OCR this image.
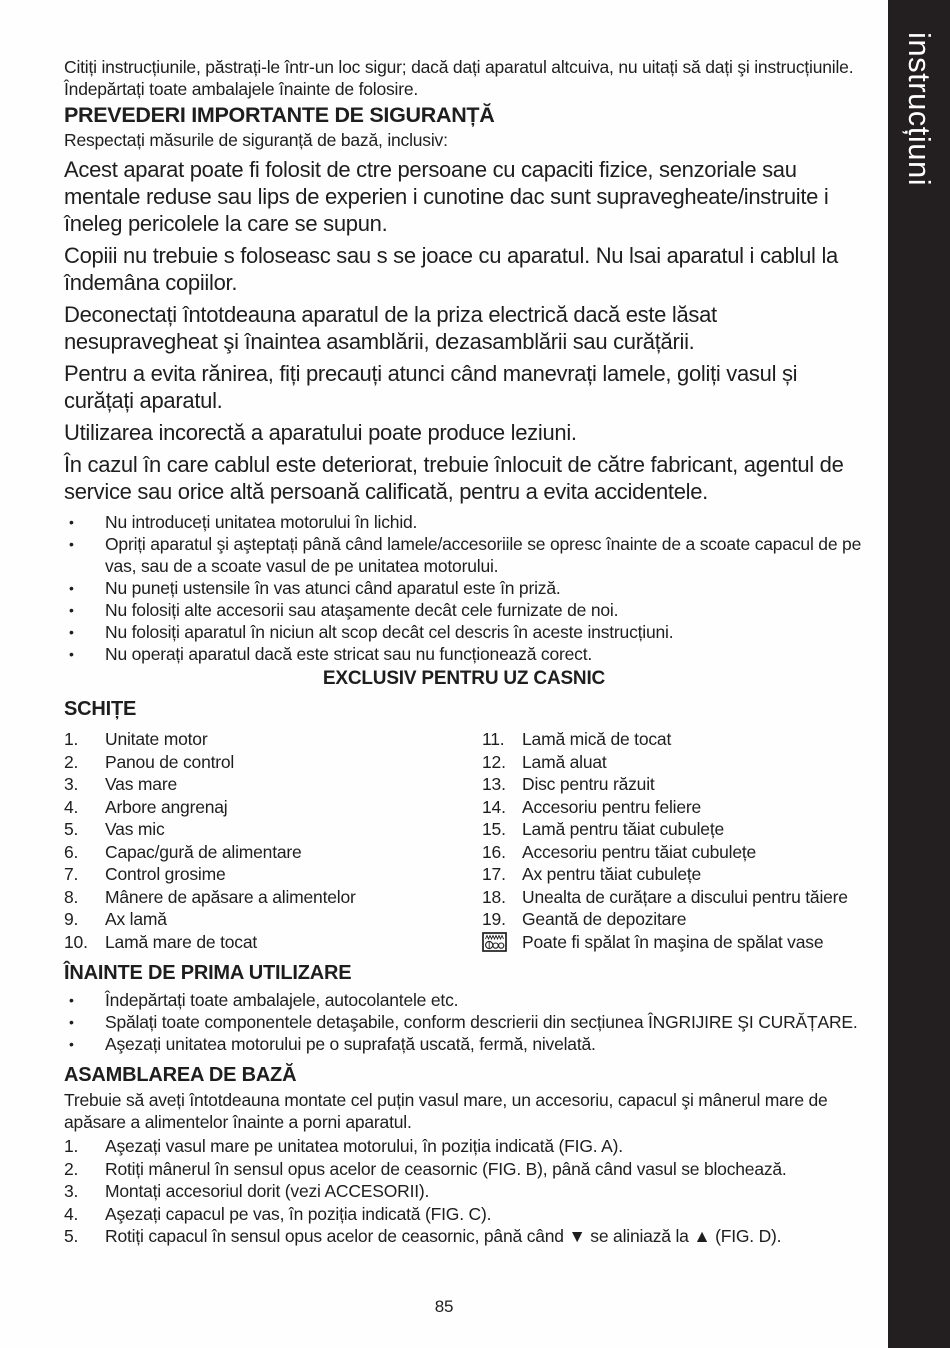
Citiți instrucțiunile, păstrați-le într-un loc sigur; dacă dați aparatul altcuiva, nu uitați să dați şi instrucțiunile. Îndepărtați toate ambalajele înainte de folosire.

PREVEDERI IMPORTANTE DE SIGURANȚĂ

Respectați măsurile de siguranță de bază, inclusiv:

Acest aparat poate fi folosit de ctre persoane cu capaciti fizice, senzoriale sau mentale reduse sau lips de experien i cunotine dac sunt supravegheate/instruite i îneleg pericolele la care se supun.

Copiii nu trebuie s foloseasc sau s se joace cu aparatul. Nu lsai aparatul i cablul la îndemâna copiilor.

Deconectați întotdeauna aparatul de la priza electrică dacă este lăsat nesupravegheat şi înaintea asamblării, dezasamblării sau curățării.

Pentru a evita rănirea, fiți precauți atunci când manevrați lamele, goliți vasul și curățați aparatul.

Utilizarea incorectă a aparatului poate produce leziuni.

În cazul în care cablul este deteriorat, trebuie înlocuit de către fabricant, agentul de service sau orice altă persoană calificată, pentru a evita accidentele.

•	Nu introduceți unitatea motorului în lichid.
•	Opriți aparatul şi aşteptați până când lamele/accesoriile se opresc înainte de a scoate capacul de pe vas, sau de a scoate vasul de pe unitatea motorului.
•	Nu puneți ustensile în vas atunci când aparatul este în priză.
•	Nu folosiți alte accesorii sau ataşamente decât cele furnizate de noi.
•	Nu folosiți aparatul în niciun alt scop decât cel descris în aceste instrucțiuni.
•	Nu operați aparatul dacă este stricat sau nu funcționează corect.

EXCLUSIV PENTRU UZ CASNIC

SCHIȚE
1.	Unitate motor
2.	Panou de control
3.	Vas mare
4.	Arbore angrenaj
5.	Vas mic
6.	Capac/gură de alimentare
7.	Control grosime
8.	Mânere de apăsare a alimentelor
9.	Ax lamă
10. Lamă mare de tocat
11.	Lamă mică de tocat
12. Lamă aluat
13. Disc pentru răzuit
14. Accesoriu pentru feliere
15. Lamă pentru tăiat cubulețe
16. Accesoriu pentru tăiat cubulețe
17. Ax pentru tăiat cubulețe
18. Unealta de curățare a discului pentru tăiere
19. Geantă de depozitare
Poate fi spălat în maşina de spălat vase
ÎNAINTE DE PRIMA UTILIZARE
•	Îndepărtați toate ambalajele, autocolantele etc.
•	Spălați toate componentele detaşabile, conform descrierii din secțiunea ÎNGRIJIRE ŞI CURĂȚARE.
•	Aşezați unitatea motorului pe o suprafață uscată, fermă, nivelată.
ASAMBLAREA DE BAZĂ

Trebuie să aveți întotdeauna montate cel puțin vasul mare, un accesoriu, capacul şi mânerul mare de apăsare a alimentelor înainte a porni aparatul.

1.	Aşezați vasul mare pe unitatea motorului, în poziția indicată (FIG. A).
2.	Rotiți mânerul în sensul opus acelor de ceasornic (FIG. B), până când vasul se blochează.
3.	Montați accesoriul dorit (vezi ACCESORII).
4.	Aşezați capacul pe vas, în poziția indicată (FIG. C).
5.	Rotiți capacul în sensul opus acelor de ceasornic, până când ▼ se aliniază la ▲ (FIG. D).
85
instrucțiuni
